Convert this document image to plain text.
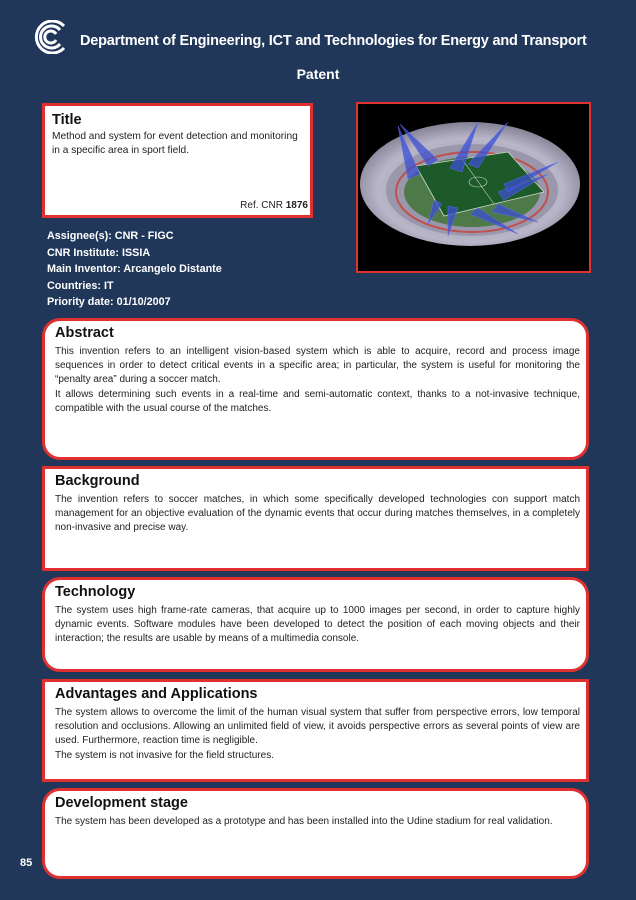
Department of Engineering, ICT and Technologies for Energy and Transport
Patent
Title
Method and system for event detection and monitoring in a specific area in sport field.
Ref. CNR 1876
Assignee(s): CNR - FIGC
CNR Institute: ISSIA
Main Inventor: Arcangelo Distante
Countries: IT
Priority date: 01/10/2007
Abstract

This invention refers to an intelligent vision-based system which is able to acquire, record and process image sequences in order to detect critical events in a specific area; in particular, the system is useful for monitoring the “penalty area” during a soccer match.

It allows determining such events in a real-time and semi-automatic context, thanks to a not-invasive technique, compatible with the usual course of the matches.

Background

The invention refers to soccer matches, in which some specifically developed technologies con support match management for an objective evaluation of the dynamic events that occur during matches themselves, in a completely non-invasive and precise way.

Technology

The system uses high frame-rate cameras, that acquire up to 1000 images per second, in order to capture highly dynamic events. Software modules have been developed to detect the position of each moving objects and their interaction; the results are usable by means of a multimedia console.

Advantages and Applications

The system allows to overcome the limit of the human visual system that suffer from perspective errors, low temporal resolution and occlusions. Allowing an unlimited field of view, it avoids perspective errors as several points of view are used. Furthermore, reaction time is negligible.

The system is not invasive for the field structures.

Development stage

The system has been developed as a prototype and has been installed into the Udine stadium for real validation.

85
